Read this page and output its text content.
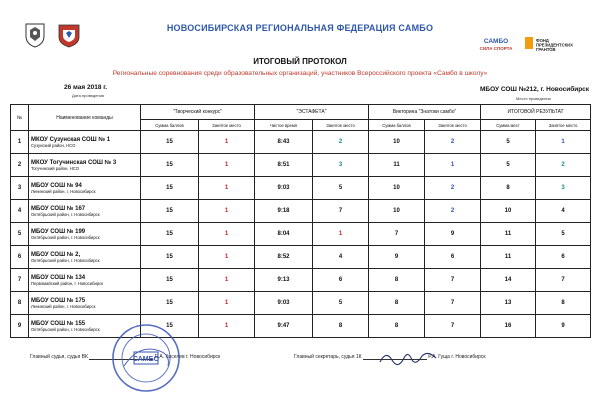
САМБО
СИЛА СПОРТА
ФОНД
ПРЕЗИДЕНТСКИХ
ГРАНТОВ
НОВОСИБИРСКАЯ РЕГИОНАЛЬНАЯ ФЕДЕРАЦИЯ САМБО
ИТОГОВЫЙ ПРОТОКОЛ
Региональные соревнования среди образовательных организаций, участников Всероссийского проекта «Самбо в школу»
26 мая 2018 г.
Дата проведения
МБОУ СОШ №212, г. Новосибирск
Место проведения
№	Наименование команды	"Творческий конкурс"		"ЭСТАФЕТА"		Викторина "Знатоки самбо"		ИТОГОВОЙ РЕЗУЛЬТАТ	
		Сумма баллов	Занятое место	Чистое время	Занятое место	Сумма баллов	Занятое место	Сумма мест	Занятое место
1	МКОУ Сузунская СОШ № 1
Сузунский район, НСО	15	1	8:43	2	10	2	5	1
2	МКОУ Тогучинская СОШ № 3
Тогучинский район, НСО	15	1	8:51	3	11	1	5	2
3	МБОУ СОШ № 94
Ленинский район, г. Новосибирск	15	1	9:03	5	10	2	8	3
4	МБОУ СОШ № 167
Октябрьский район, г. Новосибирск	15	1	9:18	7	10	2	10	4
5	МБОУ СОШ № 199
Октябрьский район, г. Новосибирск	15	1	8:04	1	7	9	11	5
6	МБОУ СОШ № 2,
Октябрьский район, г. Новосибирск	15	1	8:52	4	9	6	11	6
7	МБОУ СОШ № 134
Первомайский район, г. Новосибирск	15	1	9:13	6	8	7	14	7
8	МБОУ СОШ № 175
Ленинский район, г. Новосибирск	15	1	9:03	5	8	7	13	8
9	МБОУ СОШ № 155
Октябрьский район, г. Новосибирск	15	1	9:47	8	8	7	16	9
Главный судья, судья ВК	Е.А. Киселев г. Новосибирск	Главный секретарь, судья 1К	Р.А. Гуща г. Новосибирск
САМБО
